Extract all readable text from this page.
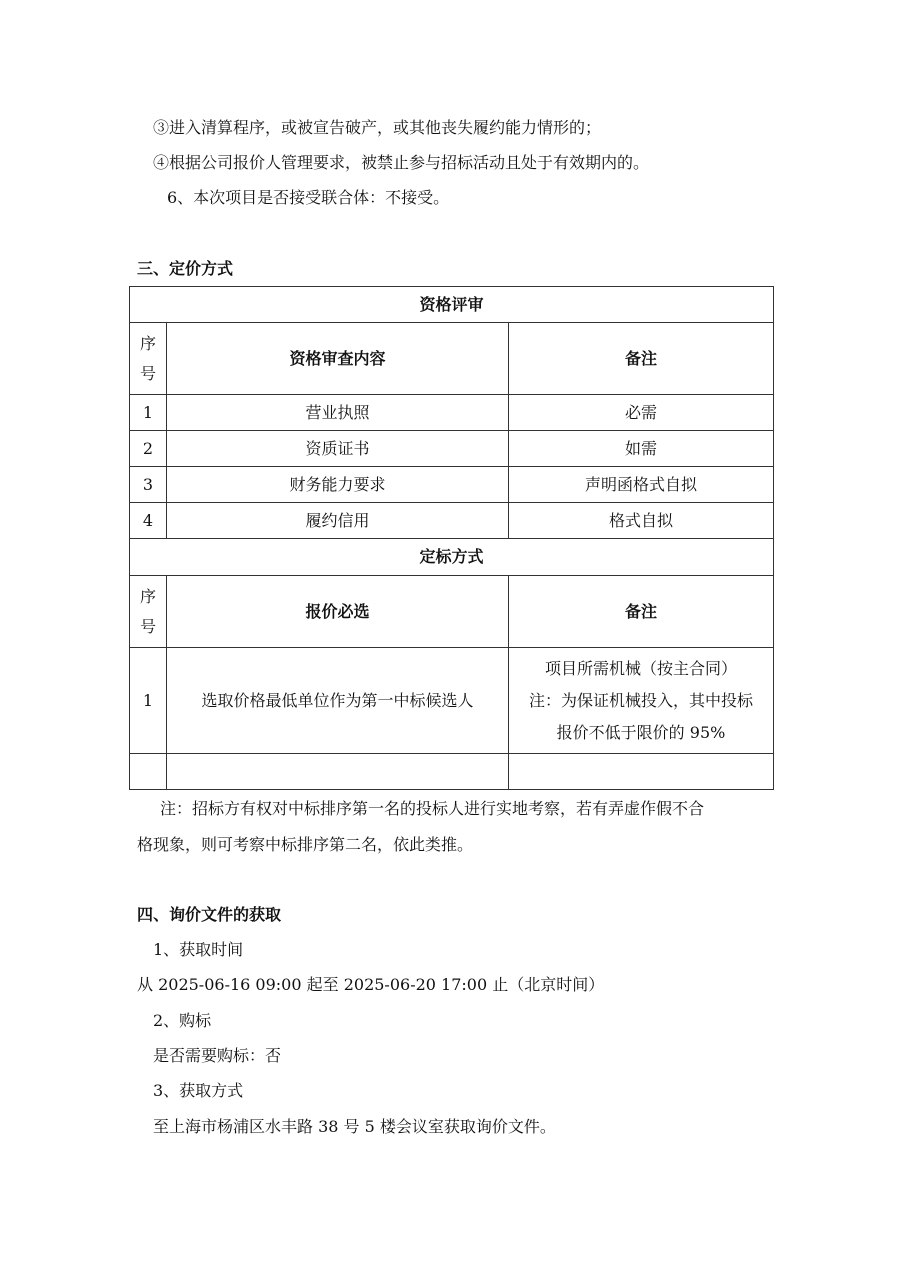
③进入清算程序，或被宣告破产，或其他丧失履约能力情形的；
④根据公司报价人管理要求，被禁止参与招标活动且处于有效期内的。
6、本次项目是否接受联合体：不接受。
三、定价方式
资格评审		

序
号	资格审查内容	备注
1	营业执照	必需
2	资质证书	如需
3	财务能力要求	声明函格式自拟
4	履约信用	格式自拟
定标方式		

序
号	报价必选	备注
1	选取价格最低单位作为第一中标候选人	项目所需机械（按主合同）
注：为保证机械投入，其中投标
报价不低于限价的 95%

注：招标方有权对中标排序第一名的投标人进行实地考察，若有弄虚作假不合
格现象，则可考察中标排序第二名，依此类推。
四、询价文件的获取
1、获取时间
从 2025-06-16 09:00 起至 2025-06-20 17:00 止（北京时间）
2、购标
是否需要购标：否
3、获取方式
至上海市杨浦区水丰路 38 号 5 楼会议室获取询价文件。
